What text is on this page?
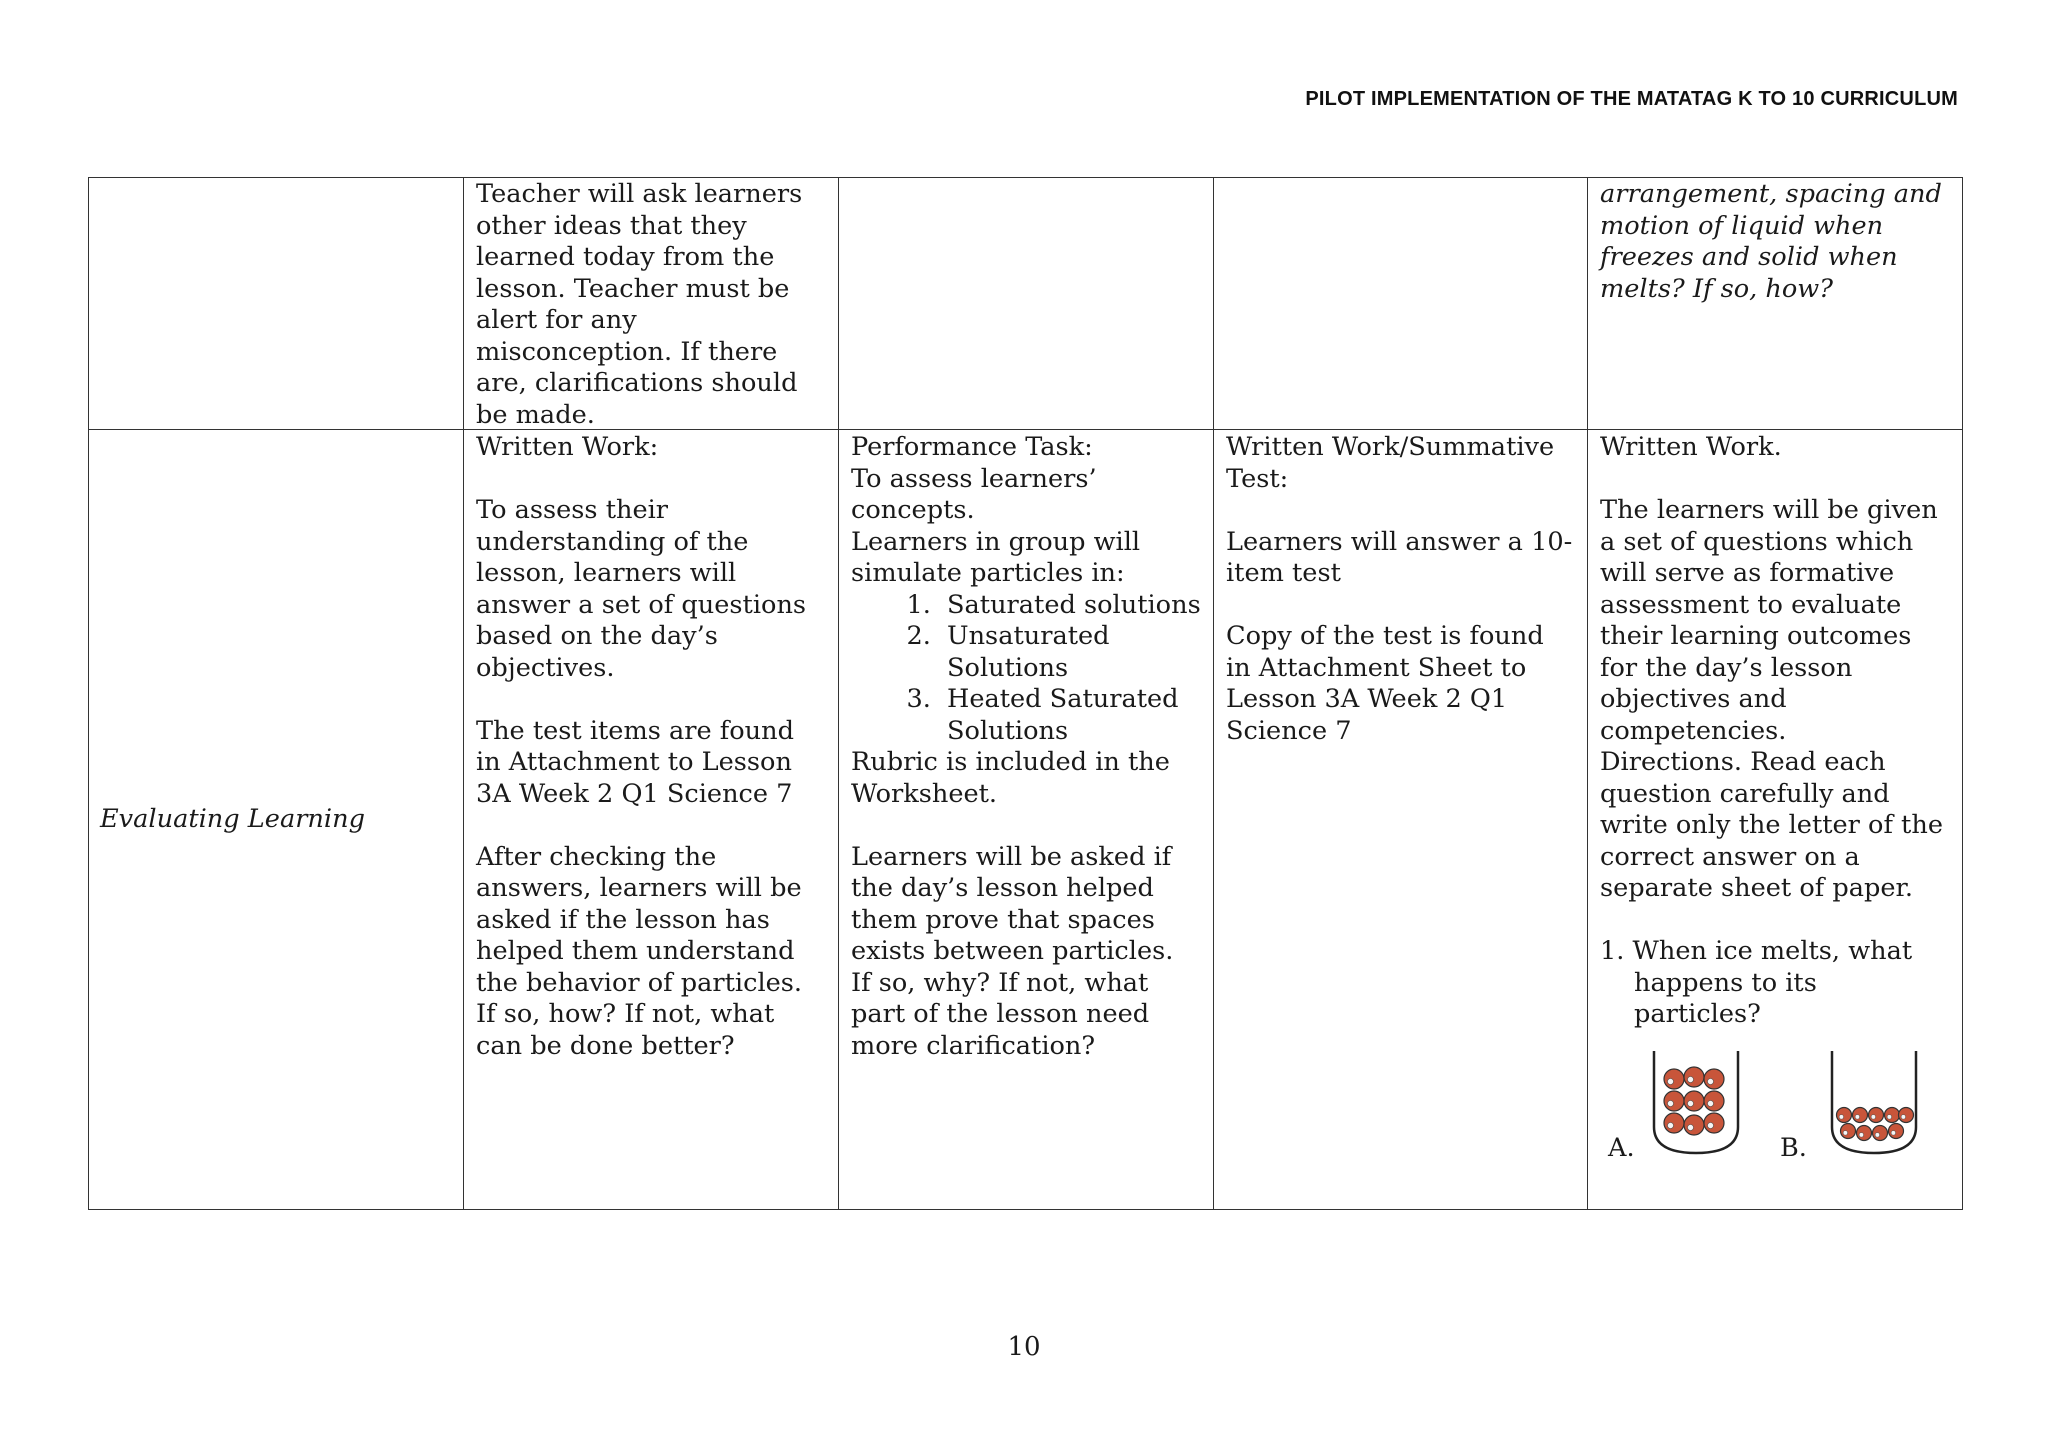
PILOT IMPLEMENTATION OF THE MATATAG K TO 10 CURRICULUM

Teacher will ask learners other ideas that they learned today from the lesson. Teacher must be alert for any misconception. If there are, clarifications should be made.

arrangement, spacing and motion of liquid when freezes and solid when melts? If so, how?

Evaluating Learning

Written Work:

To assess their understanding of the lesson, learners will answer a set of questions based on the day’s objectives.

The test items are found in Attachment to Lesson 3A Week 2 Q1 Science 7

After checking the answers, learners will be asked if the lesson has helped them understand the behavior of particles. If so, how? If not, what can be done better?

Performance Task:

To assess learners’ concepts.

Learners in group will simulate particles in:

1. Saturated solutions
2. Unsaturated Solutions
3. Heated Saturated Solutions

Rubric is included in the Worksheet.

Learners will be asked if the day’s lesson helped them prove that spaces exists between particles. If so, why? If not, what part of the lesson need more clarification?

Written Work/Summative Test:

Learners will answer a 10-item test

Copy of the test is found in Attachment Sheet to Lesson 3A Week 2 Q1 Science 7

Written Work.

The learners will be given a set of questions which will serve as formative assessment to evaluate their learning outcomes for the day’s lesson objectives and competencies.

Directions. Read each question carefully and write only the letter of the correct answer on a separate sheet of paper.

1. When ice melts, what happens to its particles?
A.	B.
10
